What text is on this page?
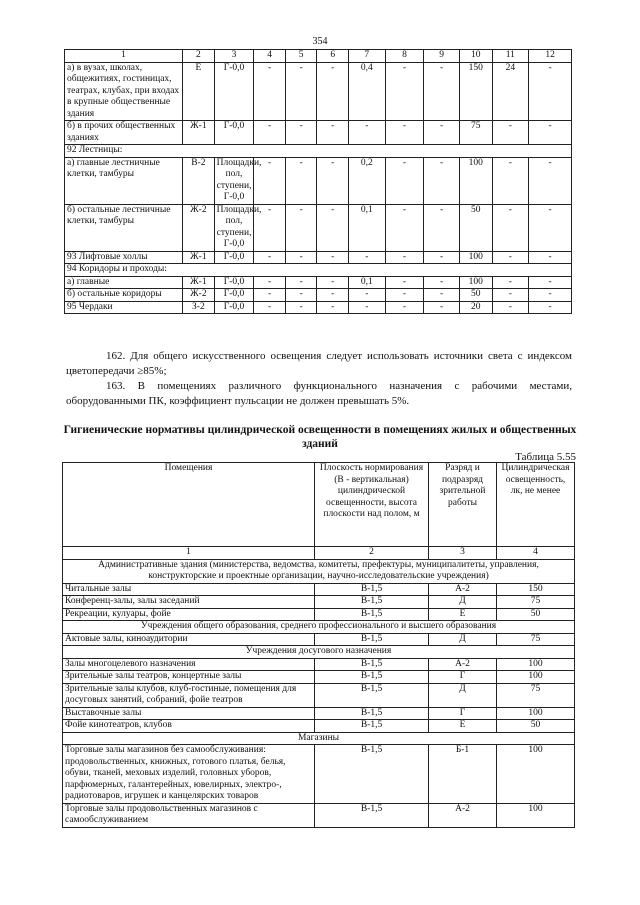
354
1	2	3	4	5	6	7	8	9	10	11	12
а) в вузах, школах, общежитиях, гостиницах, театрах, клубах, при входах в крупные общественные здания	Е	Г-0,0	-	-	-	0,4	-	-	150	24	-
б) в прочих общественных зданиях	Ж-1	Г-0,0	-	-	-	-	-	-	75	-	-
92 Лестницы:											
а) главные лестничные клетки, тамбуры	В-2	Площадки, пол, ступени, Г-0,0	-	-	-	0,2	-	-	100	-	-
б) остальные лестничные клетки, тамбуры	Ж-2	Площадки, пол, ступени, Г-0,0	-	-	-	0,1	-	-	50	-	-
93 Лифтовые холлы	Ж-1	Г-0,0	-	-	-	-	-	-	100	-	-
94 Коридоры и проходы:											
а) главные	Ж-1	Г-0,0	-	-	-	0,1	-	-	100	-	-
б) остальные коридоры	Ж-2	Г-0,0	-	-	-	-	-	-	50	-	-
95 Чердаки	З-2	Г-0,0	-	-	-	-	-	-	20	-	-
162. Для общего искусственного освещения следует использовать источники света с индексом цветопередачи ≥85%;
163. В помещениях различного функционального назначения с рабочими местами, оборудованными ПК, коэффициент пульсации не должен превышать 5%.
Гигиенические нормативы цилиндрической освещенности в помещениях жилых и общественных зданий
Таблица 5.55
Помещения	Плоскость нормирования (В - вертикальная) цилиндрической освещенности, высота плоскости над полом, м	Разряд и подразряд зрительной работы	Цилиндрическая освещенность, лк, не менее
1	2	3	4
Административные здания (министерства, ведомства, комитеты, префектуры, муниципалитеты, управления, конструкторские и проектные организации, научно-исследовательские учреждения)			
Читальные залы	В-1,5	А-2	150
Конференц-залы, залы заседаний	В-1,5	Д	75
Рекреации, кулуары, фойе	В-1,5	Е	50
Учреждения общего образования, среднего профессионального и высшего образования			
Актовые залы, киноаудитории	В-1,5	Д	75
Учреждения досугового назначения			
Залы многоцелевого назначения	В-1,5	А-2	100
Зрительные залы театров, концертные залы	В-1,5	Г	100
Зрительные залы клубов, клуб-гостиные, помещения для досуговых занятий, собраний, фойе театров	В-1,5	Д	75
Выставочные залы	В-1,5	Г	100
Фойе кинотеатров, клубов	В-1,5	Е	50
Магазины			
Торговые залы магазинов без самообслуживания: продовольственных, книжных, готового платья, белья, обуви, тканей, меховых изделий, головных уборов, парфюмерных, галантерейных, ювелирных, электро-, радиотоваров, игрушек и канцелярских товаров	В-1,5	Б-1	100
Торговые залы продовольственных магазинов с самообслуживанием	В-1,5	А-2	100
